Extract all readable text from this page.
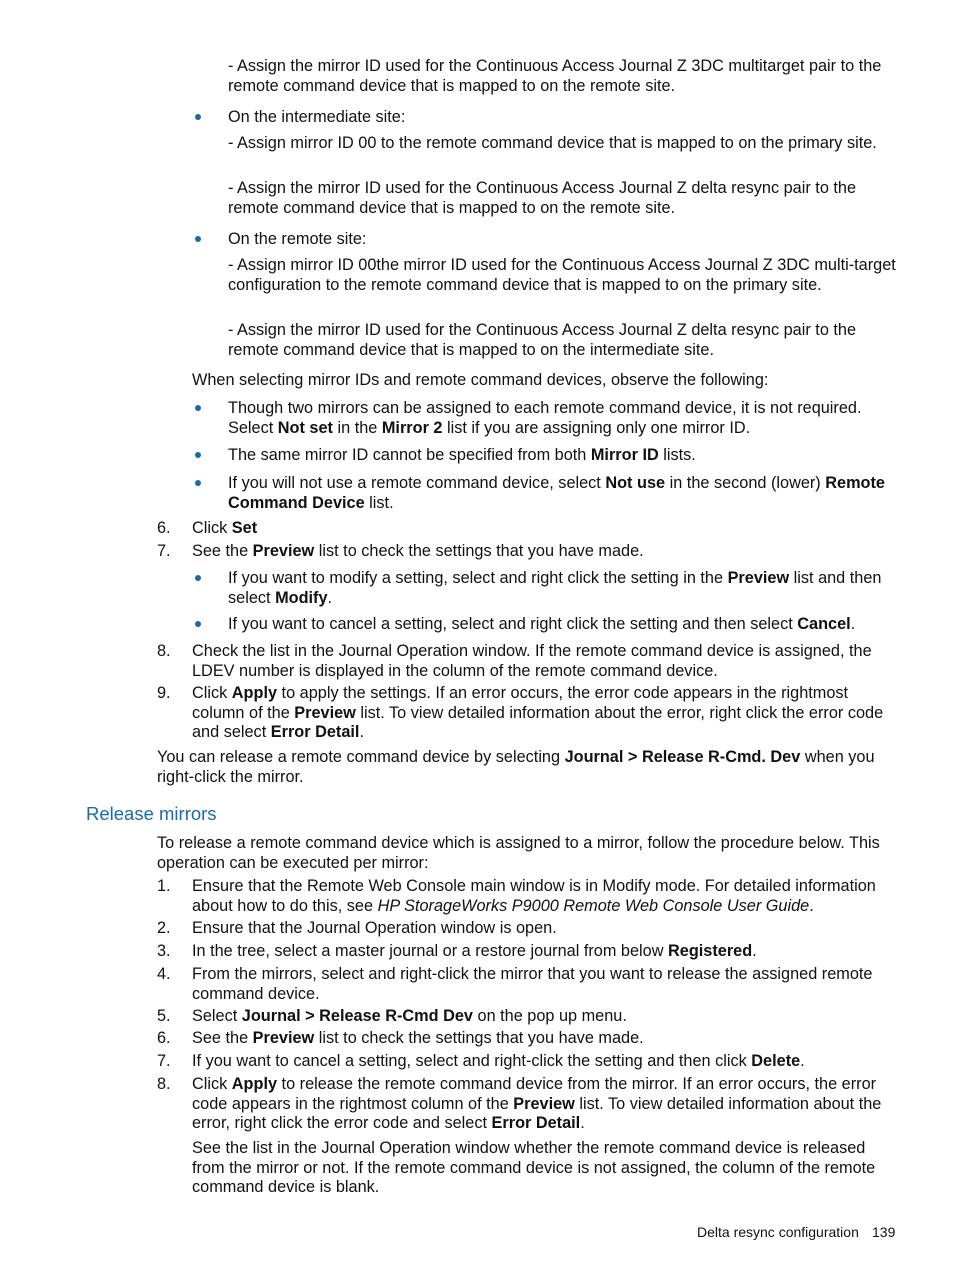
- Assign the mirror ID used for the Continuous Access Journal Z 3DC multitarget pair to the remote command device that is mapped to on the remote site.

On the intermediate site:

- Assign mirror ID 00 to the remote command device that is mapped to on the primary site.

- Assign the mirror ID used for the Continuous Access Journal Z delta resync pair to the remote command device that is mapped to on the remote site.

On the remote site:

- Assign mirror ID 00the mirror ID used for the Continuous Access Journal Z 3DC multi-target configuration to the remote command device that is mapped to on the primary site.

- Assign the mirror ID used for the Continuous Access Journal Z delta resync pair to the remote command device that is mapped to on the intermediate site.

When selecting mirror IDs and remote command devices, observe the following:

Though two mirrors can be assigned to each remote command device, it is not required. Select Not set in the Mirror 2 list if you are assigning only one mirror ID.

The same mirror ID cannot be specified from both Mirror ID lists.

If you will not use a remote command device, select Not use in the second (lower) Remote Command Device list.

6. Click Set

7. See the Preview list to check the settings that you have made.

If you want to modify a setting, select and right click the setting in the Preview list and then select Modify.

If you want to cancel a setting, select and right click the setting and then select Cancel.

8. Check the list in the Journal Operation window. If the remote command device is assigned, the LDEV number is displayed in the column of the remote command device.

9. Click Apply to apply the settings. If an error occurs, the error code appears in the rightmost column of the Preview list. To view detailed information about the error, right click the error code and select Error Detail.

You can release a remote command device by selecting Journal > Release R-Cmd. Dev when you right-click the mirror.

Release mirrors

To release a remote command device which is assigned to a mirror, follow the procedure below. This operation can be executed per mirror:

1. Ensure that the Remote Web Console main window is in Modify mode. For detailed information about how to do this, see HP StorageWorks P9000 Remote Web Console User Guide.

2. Ensure that the Journal Operation window is open.

3. In the tree, select a master journal or a restore journal from below Registered.

4. From the mirrors, select and right-click the mirror that you want to release the assigned remote command device.

5. Select Journal > Release R-Cmd Dev on the pop up menu.

6. See the Preview list to check the settings that you have made.

7. If you want to cancel a setting, select and right-click the setting and then click Delete.

8. Click Apply to release the remote command device from the mirror. If an error occurs, the error code appears in the rightmost column of the Preview list. To view detailed information about the error, right click the error code and select Error Detail.

See the list in the Journal Operation window whether the remote command device is released from the mirror or not. If the remote command device is not assigned, the column of the remote command device is blank.

Delta resync configuration 139
